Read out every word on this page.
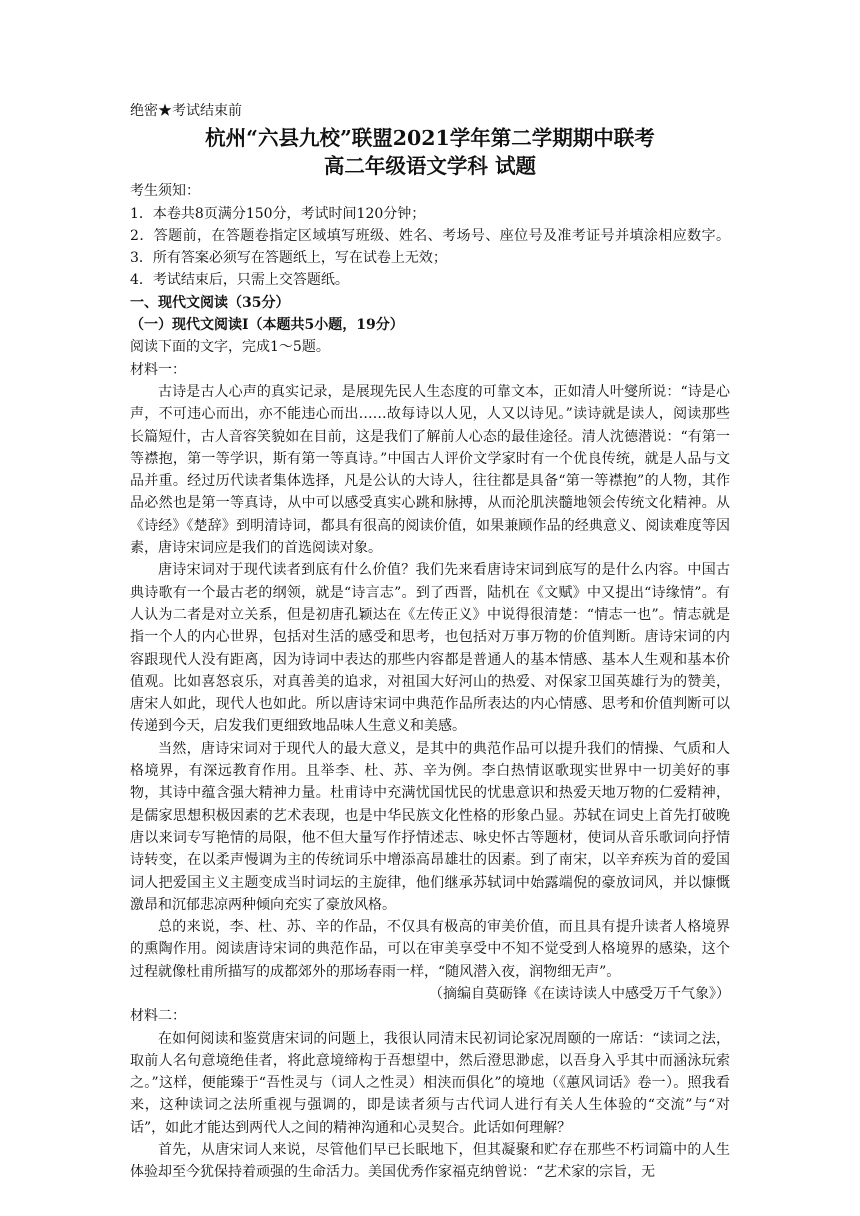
绝密★考试结束前

杭州“六县九校”联盟2021学年第二学期期中联考

高二年级语文学科 试题

考生须知：

1．本卷共8页满分150分，考试时间120分钟；

2．答题前，在答题卷指定区域填写班级、姓名、考场号、座位号及准考证号并填涂相应数字。3．所有答案必须写在答题纸上，写在试卷上无效；

4．考试结束后，只需上交答题纸。

一、现代文阅读（35分）

（一）现代文阅读Ⅰ（本题共5小题，19分）

阅读下面的文字，完成1～5题。

材料一：

古诗是古人心声的真实记录，是展现先民人生态度的可靠文本，正如清人叶燮所说：“诗是心声，不可违心而出，亦不能违心而出……故每诗以人见，人又以诗见。”读诗就是读人，阅读那些长篇短什，古人音容笑貌如在目前，这是我们了解前人心态的最佳途径。清人沈德潜说：“有第一等襟抱，第一等学识，斯有第一等真诗。”中国古人评价文学家时有一个优良传统，就是人品与文品并重。经过历代读者集体选择，凡是公认的大诗人，往往都是具备“第一等襟抱”的人物，其作品必然也是第一等真诗，从中可以感受真实心跳和脉搏，从而沦肌浃髓地领会传统文化精神。从《诗经》《楚辞》到明清诗词，都具有很高的阅读价值，如果兼顾作品的经典意义、阅读难度等因素，唐诗宋词应是我们的首选阅读对象。

唐诗宋词对于现代读者到底有什么价值？我们先来看唐诗宋词到底写的是什么内容。中国古典诗歌有一个最古老的纲领，就是“诗言志”。到了西晋，陆机在《文赋》中又提出“诗缘情”。有人认为二者是对立关系，但是初唐孔颖达在《左传正义》中说得很清楚：“情志一也”。情志就是指一个人的内心世界，包括对生活的感受和思考，也包括对万事万物的价值判断。唐诗宋词的内容跟现代人没有距离，因为诗词中表达的那些内容都是普通人的基本情感、基本人生观和基本价值观。比如喜怒哀乐，对真善美的追求，对祖国大好河山的热爱、对保家卫国英雄行为的赞美，唐宋人如此，现代人也如此。所以唐诗宋词中典范作品所表达的内心情感、思考和价值判断可以传递到今天，启发我们更细致地品味人生意义和美感。

当然，唐诗宋词对于现代人的最大意义，是其中的典范作品可以提升我们的情操、气质和人格境界，有深远教育作用。且举李、杜、苏、辛为例。李白热情讴歌现实世界中一切美好的事物，其诗中蕴含强大精神力量。杜甫诗中充满忧国忧民的忧患意识和热爱天地万物的仁爱精神，是儒家思想积极因素的艺术表现，也是中华民族文化性格的形象凸显。苏轼在词史上首先打破晚唐以来词专写艳情的局限，他不但大量写作抒情述志、咏史怀古等题材，使词从音乐歌词向抒情诗转变，在以柔声慢调为主的传统词乐中增添高昂雄壮的因素。到了南宋，以辛弃疾为首的爱国词人把爱国主义主题变成当时词坛的主旋律，他们继承苏轼词中始露端倪的豪放词风，并以慷慨激昂和沉郁悲凉两种倾向充实了豪放风格。

总的来说，李、杜、苏、辛的作品，不仅具有极高的审美价值，而且具有提升读者人格境界的熏陶作用。阅读唐诗宋词的典范作品，可以在审美享受中不知不觉受到人格境界的感染，这个过程就像杜甫所描写的成都郊外的那场春雨一样，“随风潜入夜，润物细无声”。

（摘编自莫砺锋《在读诗读人中感受万千气象》）

材料二：

在如何阅读和鉴赏唐宋词的问题上，我很认同清末民初词论家况周颐的一席话：“读词之法，取前人名句意境绝佳者，将此意境缔构于吾想望中，然后澄思渺虑，以吾身入乎其中而涵泳玩索之。”这样，便能臻于“吾性灵与（词人之性灵）相浃而俱化”的境地（《蕙风词话》卷一）。照我看来，这种读词之法所重视与强调的，即是读者须与古代词人进行有关人生体验的“交流”与“对话”，如此才能达到两代人之间的精神沟通和心灵契合。此话如何理解？

首先，从唐宋词人来说，尽管他们早已长眠地下，但其凝聚和贮存在那些不朽词篇中的人生体验却至今犹保持着顽强的生命活力。美国优秀作家福克纳曾说：“艺术家的宗旨，无
